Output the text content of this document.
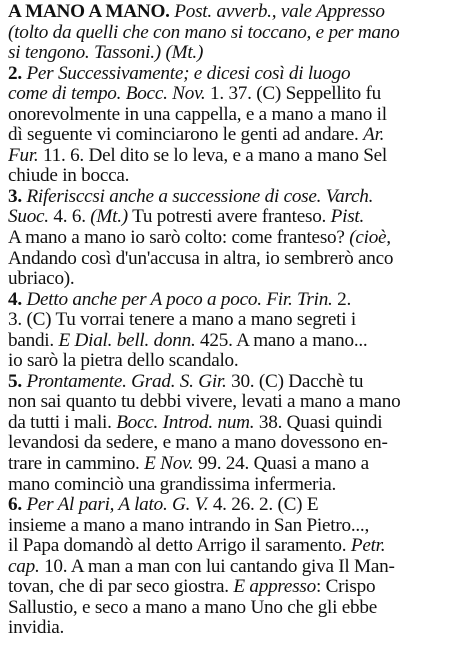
A MANO A MANO. Post. avverb., vale Appresso
(tolto da quelli che con mano si toccano, e per mano
si tengono. Tassoni.) (Mt.)
2. Per Successivamente; e dicesi così di luogo
come di tempo. Bocc. Nov. 1. 37. (C) Seppellito fu
onorevolmente in una cappella, e a mano a mano il
dì seguente vi cominciarono le genti ad andare. Ar.
Fur. 11. 6. Del dito se lo leva, e a mano a mano Sel
chiude in bocca.
3. Riferisccsi anche a successione di cose. Varch.
Suoc. 4. 6. (Mt.) Tu potresti avere franteso. Pist.
A mano a mano io sarò colto: come franteso? (cioè,
Andando così d'un'accusa in altra, io sembrerò anco
ubriaco).
4. Detto anche per A poco a poco. Fir. Trin. 2.
3. (C) Tu vorrai tenere a mano a mano segreti i
bandi. E Dial. bell. donn. 425. A mano a mano...
io sarò la pietra dello scandalo.
5. Prontamente. Grad. S. Gir. 30. (C) Dacchè tu
non sai quanto tu debbi vivere, levati a mano a mano
da tutti i mali. Bocc. Introd. num. 38. Quasi quindi
levandosi da sedere, e mano a mano dovessono en-
trare in cammino. E Nov. 99. 24. Quasi a mano a
mano cominciò una grandissima infermeria.
6. Per Al pari, A lato. G. V. 4. 26. 2. (C) E
insieme a mano a mano intrando in San Pietro...,
il Papa domandò al detto Arrigo il saramento. Petr.
cap. 10. A man a man con lui cantando giva Il Man-
tovan, che di par seco giostra. E appresso: Crispo
Sallustio, e seco a mano a mano Uno che gli ebbe
invidia.
